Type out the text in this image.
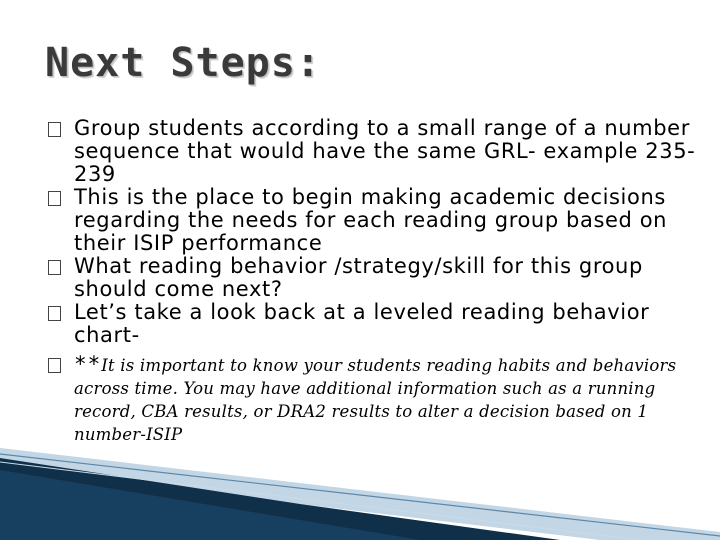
Next Steps:
Group students according to a small range of a number sequence that would have the same GRL- example 235-239
This is the place to begin making academic decisions regarding the needs for each reading group based on their ISIP performance
What reading behavior /strategy/skill for this group should come next?
Let’s take a look back at a leveled reading behavior chart-
**It is important to know your students reading habits and behaviors across time. You may have additional information such as a running record, CBA results, or DRA2 results to alter a decision based on 1 number-ISIP
